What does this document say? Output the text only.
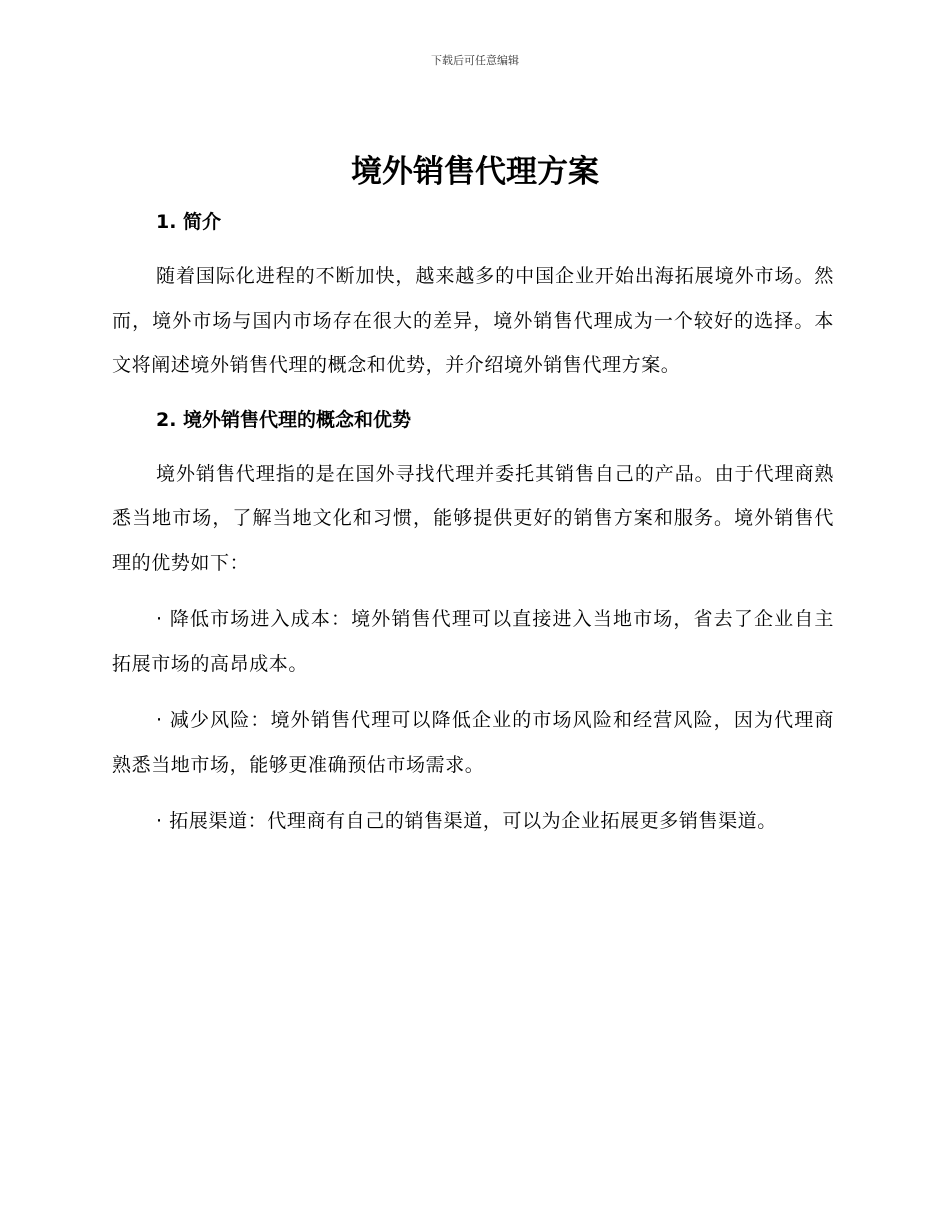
下载后可任意编辑
境外销售代理方案
1. 简介

随着国际化进程的不断加快，越来越多的中国企业开始出海拓展境外市场。然而，境外市场与国内市场存在很大的差异，境外销售代理成为一个较好的选择。本文将阐述境外销售代理的概念和优势，并介绍境外销售代理方案。

2. 境外销售代理的概念和优势

境外销售代理指的是在国外寻找代理并委托其销售自己的产品。由于代理商熟悉当地市场，了解当地文化和习惯，能够提供更好的销售方案和服务。境外销售代理的优势如下：

· 降低市场进入成本：境外销售代理可以直接进入当地市场，省去了企业自主拓展市场的高昂成本。

· 减少风险：境外销售代理可以降低企业的市场风险和经营风险，因为代理商熟悉当地市场，能够更准确预估市场需求。

· 拓展渠道：代理商有自己的销售渠道，可以为企业拓展更多销售渠道。
